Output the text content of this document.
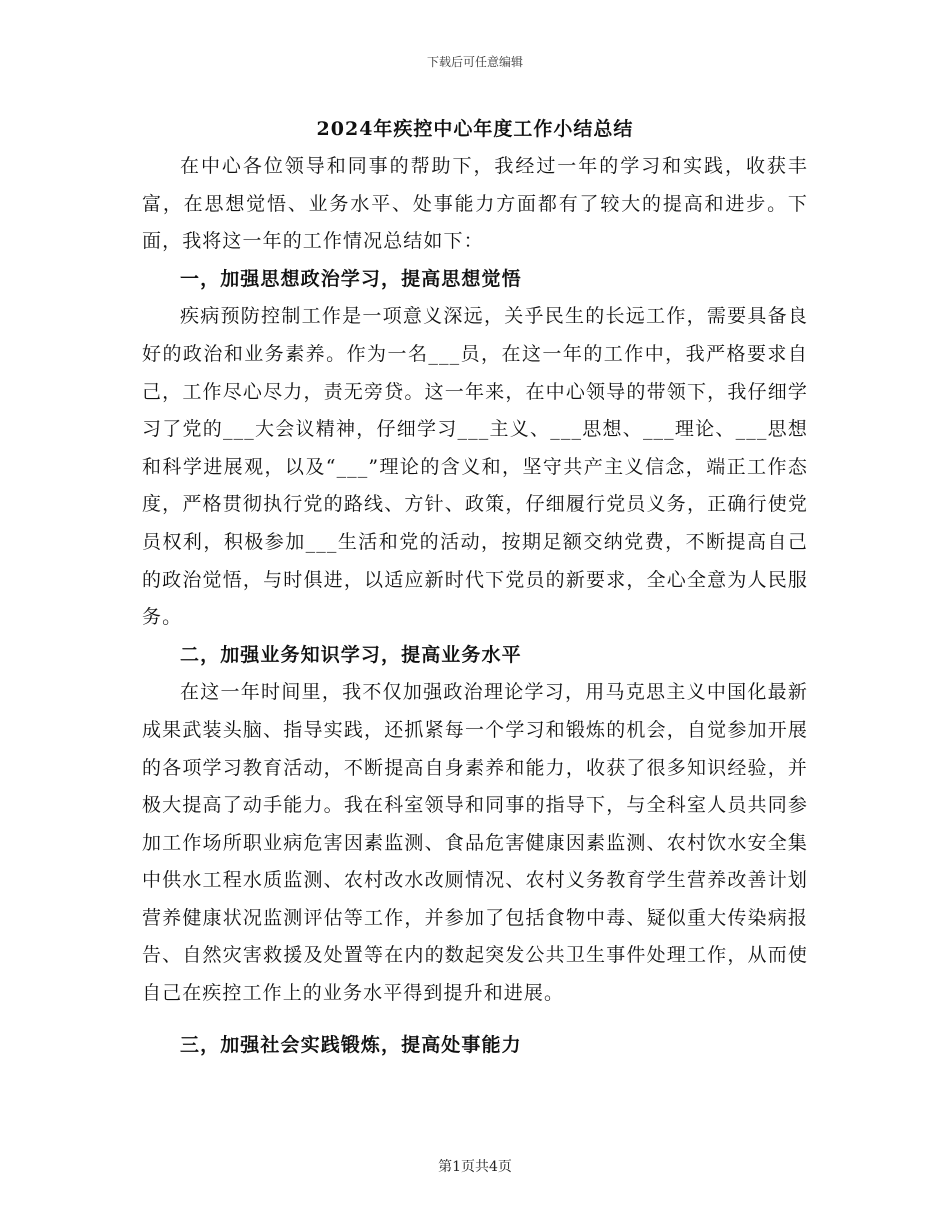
下载后可任意编辑
2024年疾控中心年度工作小结总结

在中心各位领导和同事的帮助下，我经过一年的学习和实践，收获丰富，在思想觉悟、业务水平、处事能力方面都有了较大的提高和进步。下面，我将这一年的工作情况总结如下：

一，加强思想政治学习，提高思想觉悟

疾病预防控制工作是一项意义深远，关乎民生的长远工作，需要具备良好的政治和业务素养。作为一名___员，在这一年的工作中，我严格要求自己，工作尽心尽力，责无旁贷。这一年来，在中心领导的带领下，我仔细学习了党的___大会议精神，仔细学习___主义、___思想、___理论、___思想和科学进展观，以及“___”理论的含义和，坚守共产主义信念，端正工作态度，严格贯彻执行党的路线、方针、政策，仔细履行党员义务，正确行使党员权利，积极参加___生活和党的活动，按期足额交纳党费，不断提高自己的政治觉悟，与时俱进，以适应新时代下党员的新要求，全心全意为人民服务。

二，加强业务知识学习，提高业务水平

在这一年时间里，我不仅加强政治理论学习，用马克思主义中国化最新成果武装头脑、指导实践，还抓紧每一个学习和锻炼的机会，自觉参加开展的各项学习教育活动，不断提高自身素养和能力，收获了很多知识经验，并极大提高了动手能力。我在科室领导和同事的指导下，与全科室人员共同参加工作场所职业病危害因素监测、食品危害健康因素监测、农村饮水安全集中供水工程水质监测、农村改水改厕情况、农村义务教育学生营养改善计划营养健康状况监测评估等工作，并参加了包括食物中毒、疑似重大传染病报告、自然灾害救援及处置等在内的数起突发公共卫生事件处理工作，从而使自己在疾控工作上的业务水平得到提升和进展。

三，加强社会实践锻炼，提高处事能力
第1页共4页
